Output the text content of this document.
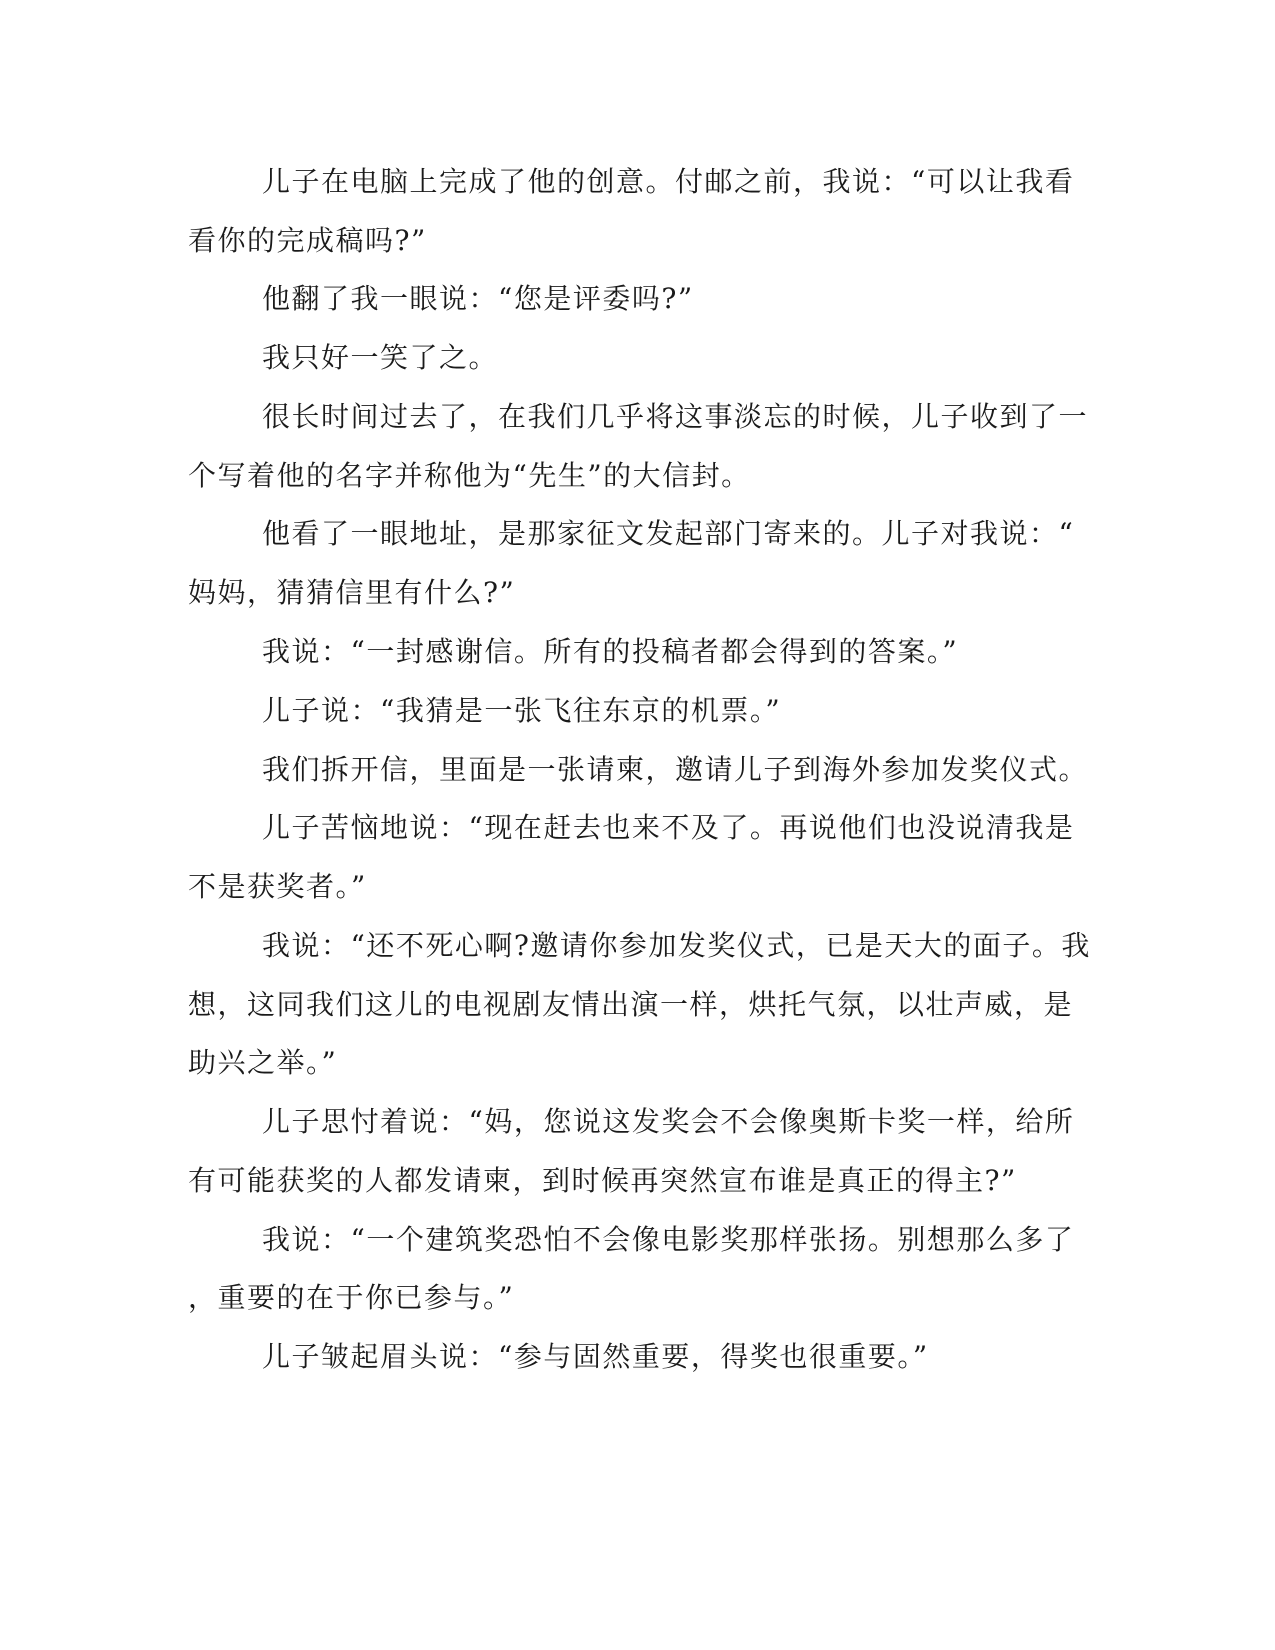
儿子在电脑上完成了他的创意。付邮之前，我说：“可以让我看
看你的完成稿吗?”
他翻了我一眼说：“您是评委吗?”
我只好一笑了之。
很长时间过去了，在我们几乎将这事淡忘的时候，儿子收到了一
个写着他的名字并称他为“先生”的大信封。
他看了一眼地址，是那家征文发起部门寄来的。儿子对我说：“
妈妈，猜猜信里有什么?”
我说：“一封感谢信。所有的投稿者都会得到的答案。”
儿子说：“我猜是一张飞往东京的机票。”
我们拆开信，里面是一张请柬，邀请儿子到海外参加发奖仪式。
儿子苦恼地说：“现在赶去也来不及了。再说他们也没说清我是
不是获奖者。”
我说：“还不死心啊?邀请你参加发奖仪式，已是天大的面子。我
想，这同我们这儿的电视剧友情出演一样，烘托气氛，以壮声威，是
助兴之举。”
儿子思忖着说：“妈，您说这发奖会不会像奥斯卡奖一样，给所
有可能获奖的人都发请柬，到时候再突然宣布谁是真正的得主?”
我说：“一个建筑奖恐怕不会像电影奖那样张扬。别想那么多了
，重要的在于你已参与。”
儿子皱起眉头说：“参与固然重要，得奖也很重要。”
